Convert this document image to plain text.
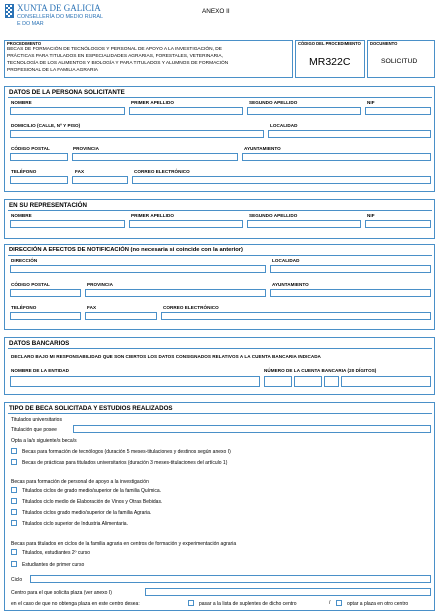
XUNTA DE GALICIA
CONSELLERÍA DO MEDIO RURAL
E DO MAR
ANEXO II
PROCEDIMENTO
BECAS DE FORMACIÓN DE TECNÓLOGOS Y PERSONAL DE APOYO A LA INVESTIGACIÓN, DE
PRÁCTICAS PARA TITULADOS EN ESPECIALIDADES AGRARIAS, FORESTALES, VETERINARIA,
TECNOLOGÍA DE LOS ALIMENTOS Y BIOLOGÍA Y PARA TITULADOS Y ALUMNOS DE FORMACIÓN
PROFESIONAL DE LA FAMILIA AGRARIA
CÓDIGO DEL PROCEDIMIENTO
MR322C
DOCUMENTO
SOLICITUD
DATOS DE LA PERSONA SOLICITANTE
NOMBRE	PRIMER APELLIDO	SEGUNDO APELLIDO	NIF
DOMICILIO (CALLE, Nº Y PISO)	LOCALIDAD
CÓDIGO POSTAL	PROVINCIA	AYUNTAMIENTO
TELÉFONO	FAX	CORREO ELECTRÓNICO
EN SU REPRESENTACIÓN
NOMBRE	PRIMER APELLIDO	SEGUNDO APELLIDO	NIF
DIRECCIÓN A EFECTOS DE NOTIFICACIÓN (no necesaria si coincide con la anterior)
DIRECCIÓN	LOCALIDAD
CÓDIGO POSTAL	PROVINCIA	AYUNTAMIENTO
TELÉFONO	FAX	CORREO ELECTRÓNICO
DATOS BANCARIOS
DECLARO BAJO MI RESPONSABILIDAD QUE SON CIERTOS LOS DATOS CONSIGNADOS RELATIVOS A LA CUENTA BANCARIA INDICADA
NOMBRE DE LA ENTIDAD	NÚMERO DE LA CUENTA BANCARIA (20 DÍGITOS)
TIPO DE BECA SOLICITADA Y ESTUDIOS REALIZADOS
Titulados universitarios
Titulación que posee
Opta a la/s siguiente/s beca/s
Becas para formación de tecnólogos (duración 5 meses-titulaciones y destinos según anexo I)
Becas de prácticas para titulados universitarios (duración 3 meses-titulaciones del artículo 1)
Becas para formación de personal de apoyo a la investigación
Titulados ciclos de grado medio/superior de la familia Química.
Titulados ciclo medio de Elaboración de Vinos y Otras Bebidas.
Titulados ciclos grado medio/superior de la familia Agraria.
Titulados ciclo superior de Industria Alimentaria.
Becas para titulados en ciclos de la familia agraria en centros de formación y experimentación agraria
Titulados, estudiantes 2º curso
Estudiantes de primer curso
Ciclo
Centro para el que solicita plaza (ver anexo I)
en el caso de que no obtenga plaza en este centro desea:	pasar a la lista de suplentes de dicho centro	/	optar a plaza en otro centro
